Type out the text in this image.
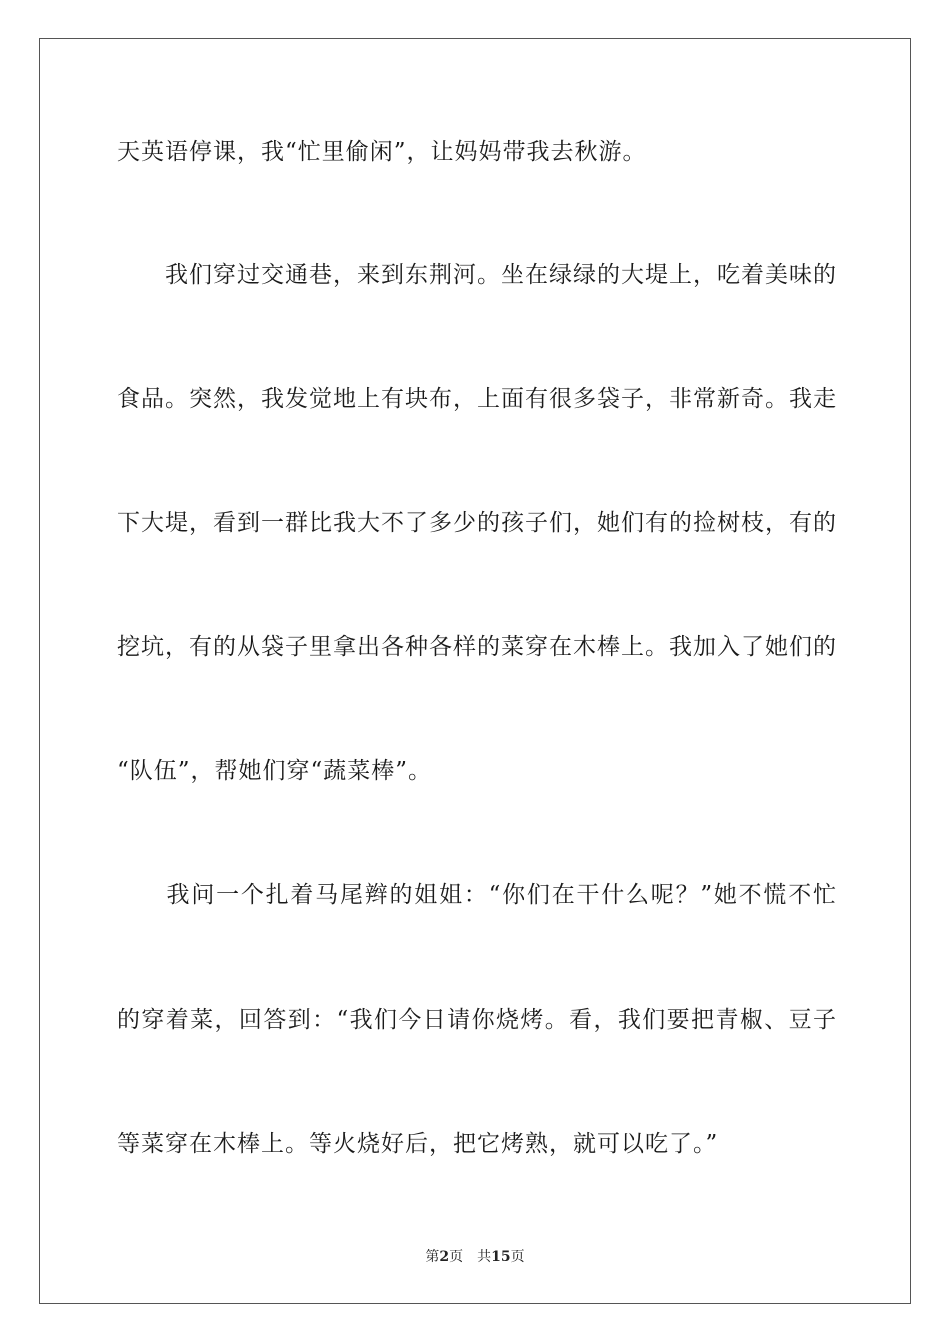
天英语停课，我“忙里偷闲”，让妈妈带我去秋游。
　　我们穿过交通巷，来到东荆河。坐在绿绿的大堤上，吃着美味的
食品。突然，我发觉地上有块布，上面有很多袋子，非常新奇。我走
下大堤，看到一群比我大不了多少的孩子们，她们有的捡树枝，有的
挖坑，有的从袋子里拿出各种各样的菜穿在木棒上。我加入了她们的
“队伍”，帮她们穿“蔬菜棒”。
　　我问一个扎着马尾辫的姐姐：“你们在干什么呢？”她不慌不忙
的穿着菜，回答到：“我们今日请你烧烤。看，我们要把青椒、豆子
等菜穿在木棒上。等火烧好后，把它烤熟，就可以吃了。”
第2页 共15页
